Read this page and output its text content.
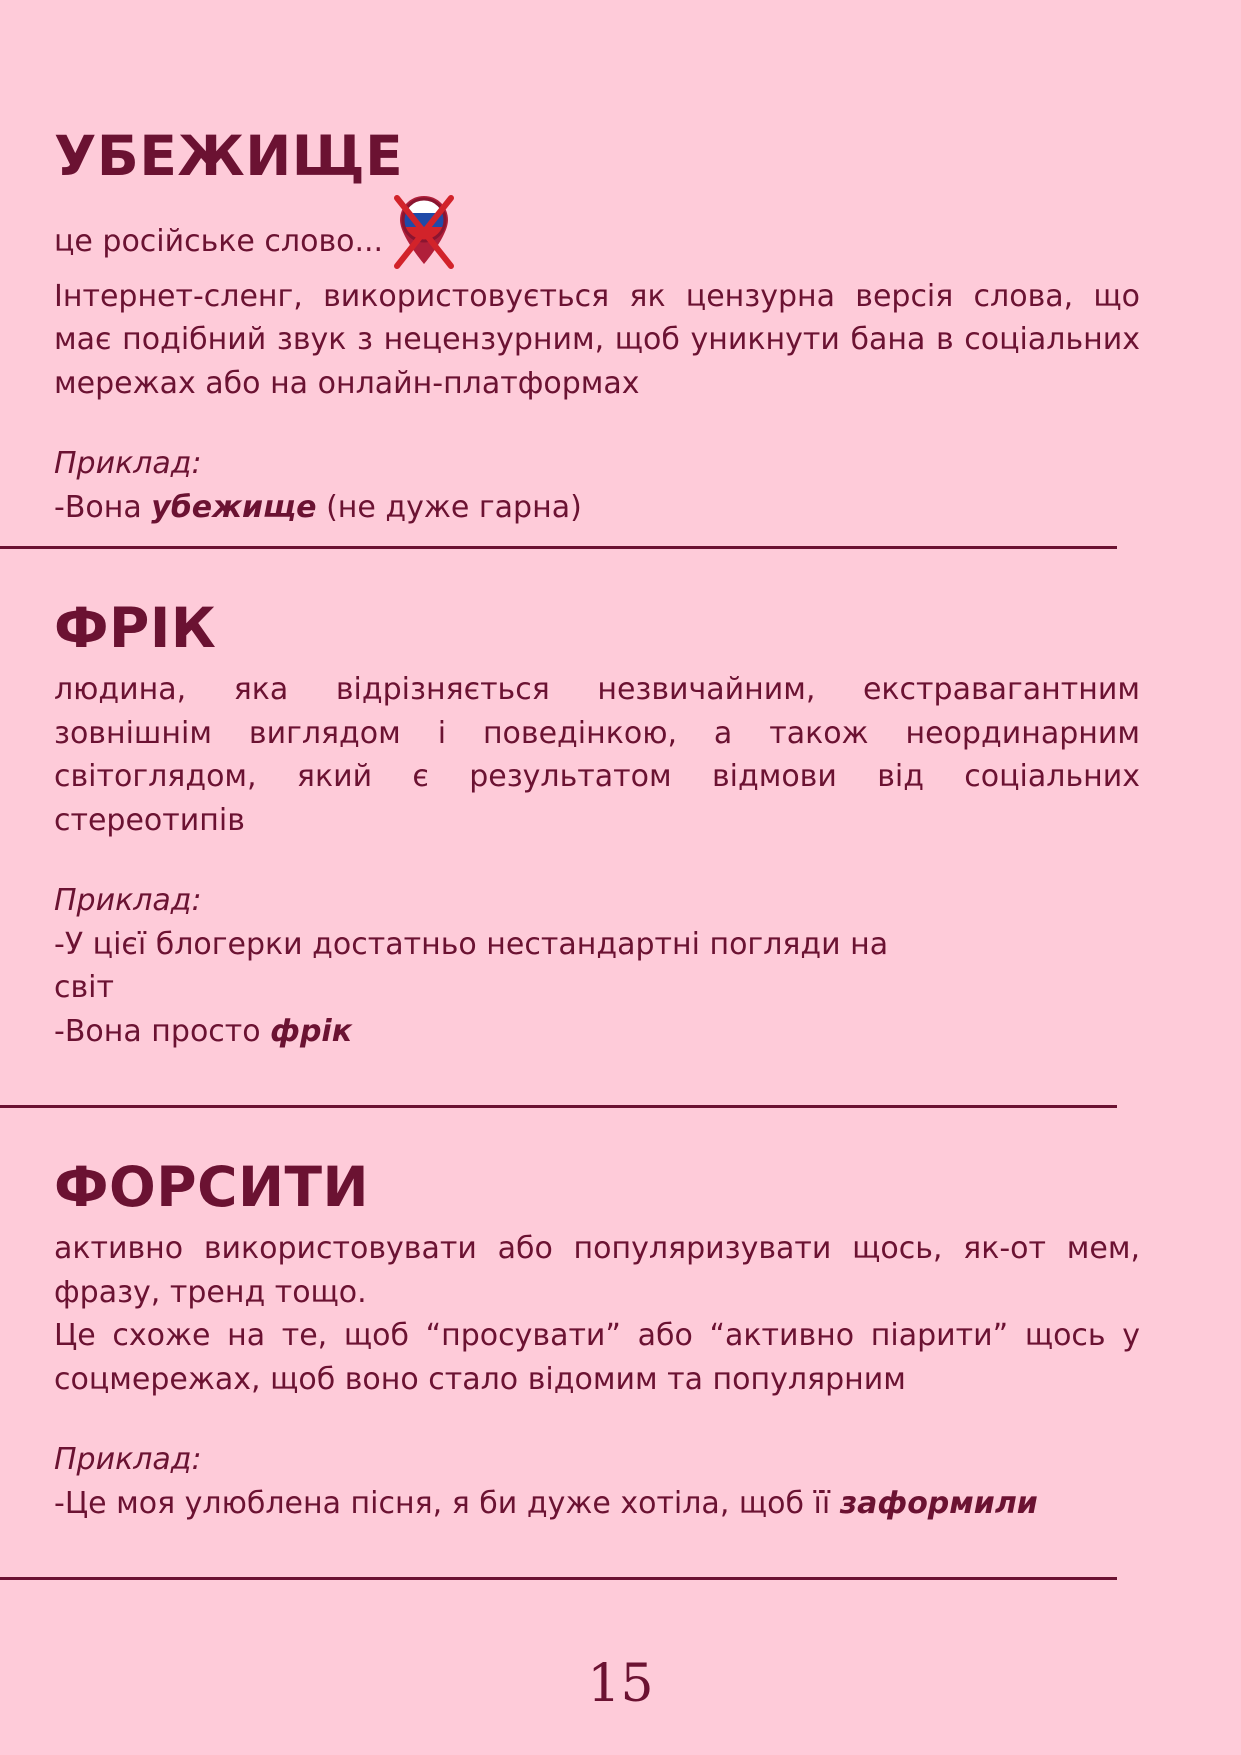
УБЕЖИЩЕ

це російське слово...

Інтернет-сленг, використовується як цензурна версія слова, що має подібний звук з нецензурним, щоб уникнути бана в соціальних мережах або на онлайн-платформах

Приклад:

-Вона убежище (не дуже гарна)

ФРІК

людина, яка відрізняється незвичайним, екстравагантним зовнішнім виглядом і поведінкою, а також неординарним світоглядом, який є результатом відмови від соціальних стереотипів

Приклад:

-У цієї блогерки достатньо нестандартні погляди на

світ

-Вона просто фрік

ФОРСИТИ

активно використовувати або популяризувати щось, як-от мем, фразу, тренд тощо.

Це схоже на те, щоб “просувати” або “активно піарити” щось у соцмережах, щоб воно стало відомим та популярним

Приклад:

-Це моя улюблена пісня, я би дуже хотіла, щоб її заформили

15
